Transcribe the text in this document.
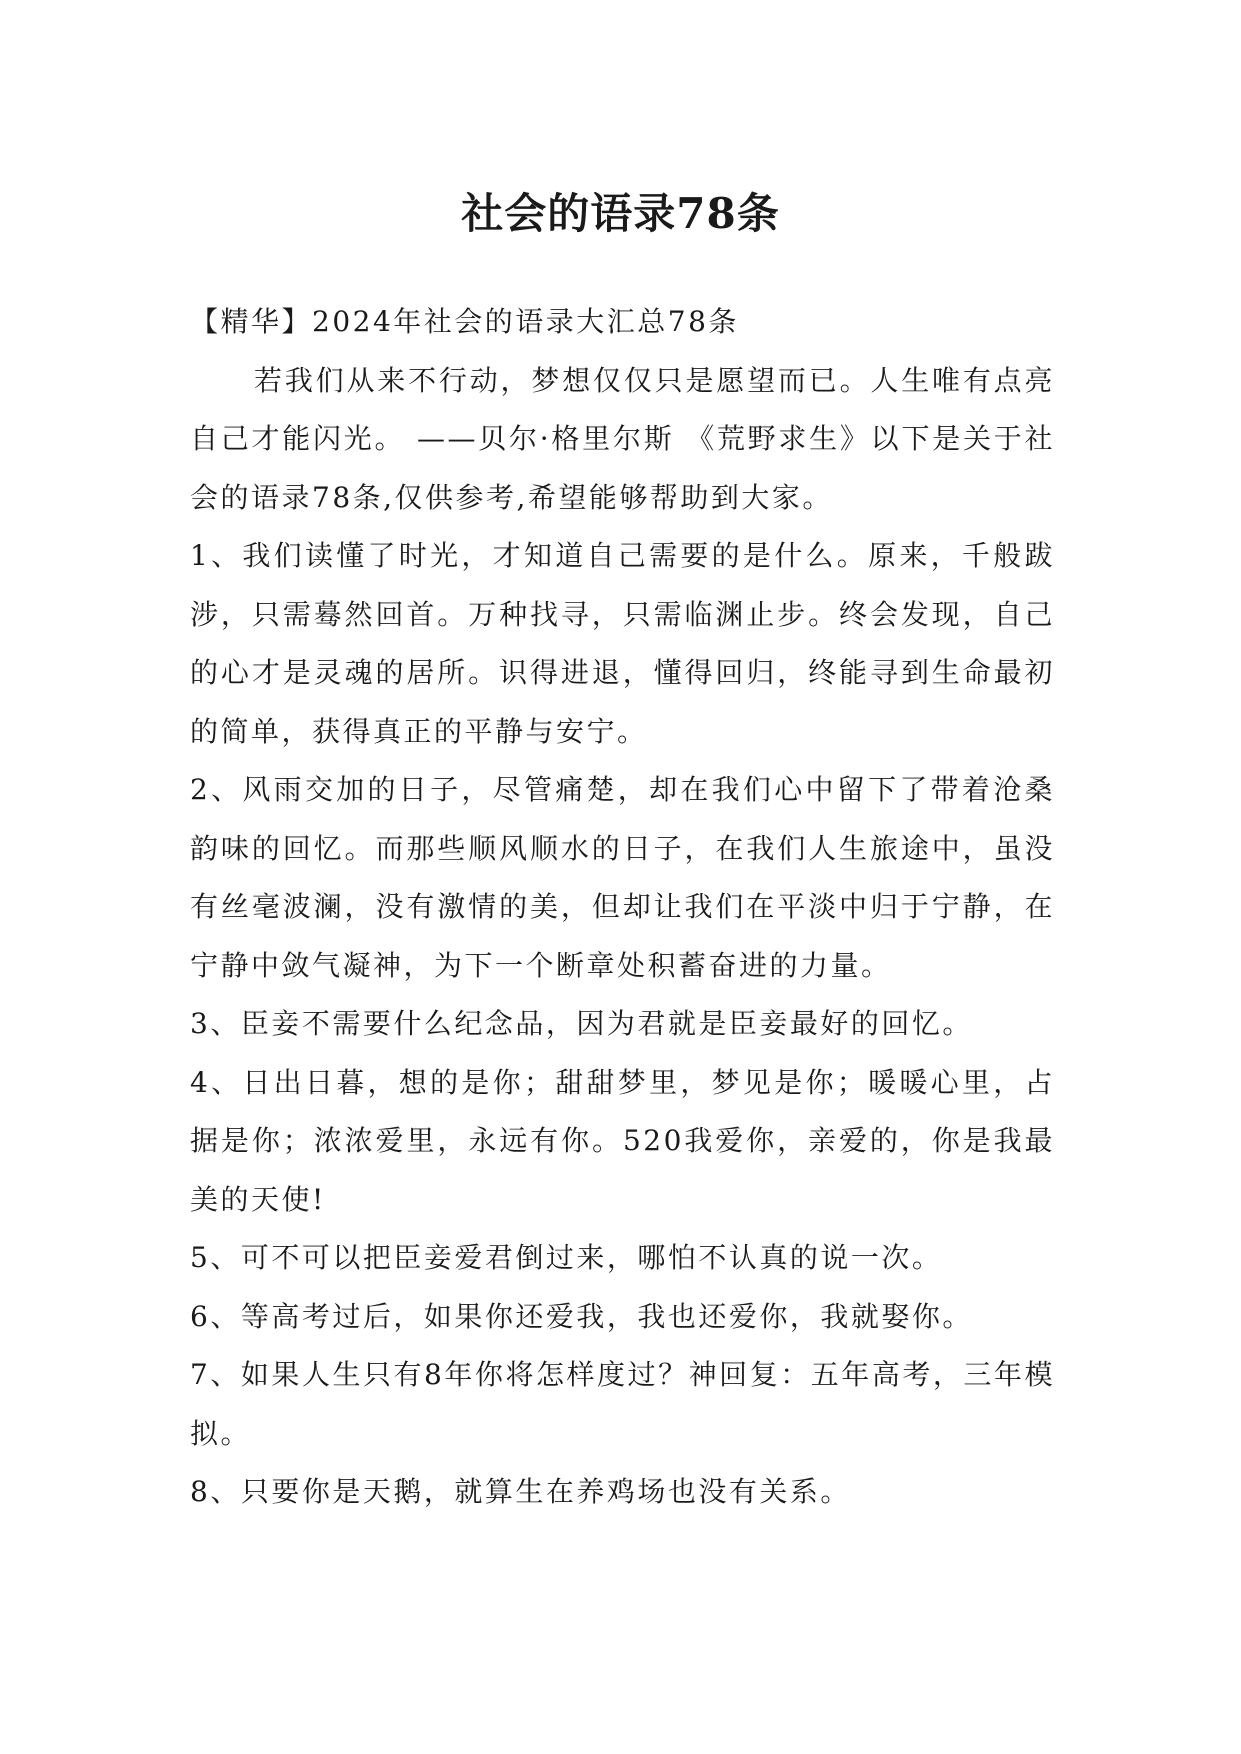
社会的语录78条

【精华】2024年社会的语录大汇总78条

若我们从来不行动，梦想仅仅只是愿望而已。人生唯有点亮自己才能闪光。 ——贝尔·格里尔斯 《荒野求生》以下是关于社会的语录78条,仅供参考,希望能够帮助到大家。

1、我们读懂了时光，才知道自己需要的是什么。原来，千般跋涉，只需蓦然回首。万种找寻，只需临渊止步。终会发现，自己的心才是灵魂的居所。识得进退，懂得回归，终能寻到生命最初的简单，获得真正的平静与安宁。

2、风雨交加的日子，尽管痛楚，却在我们心中留下了带着沧桑韵味的回忆。而那些顺风顺水的日子，在我们人生旅途中，虽没有丝毫波澜，没有激情的美，但却让我们在平淡中归于宁静，在宁静中敛气凝神，为下一个断章处积蓄奋进的力量。

3、臣妾不需要什么纪念品，因为君就是臣妾最好的回忆。

4、日出日暮，想的是你；甜甜梦里，梦见是你；暖暖心里，占据是你；浓浓爱里，永远有你。520我爱你，亲爱的，你是我最美的天使!

5、可不可以把臣妾爱君倒过来，哪怕不认真的说一次。

6、等高考过后，如果你还爱我，我也还爱你，我就娶你。

7、如果人生只有8年你将怎样度过？神回复：五年高考，三年模拟。

8、只要你是天鹅，就算生在养鸡场也没有关系。
